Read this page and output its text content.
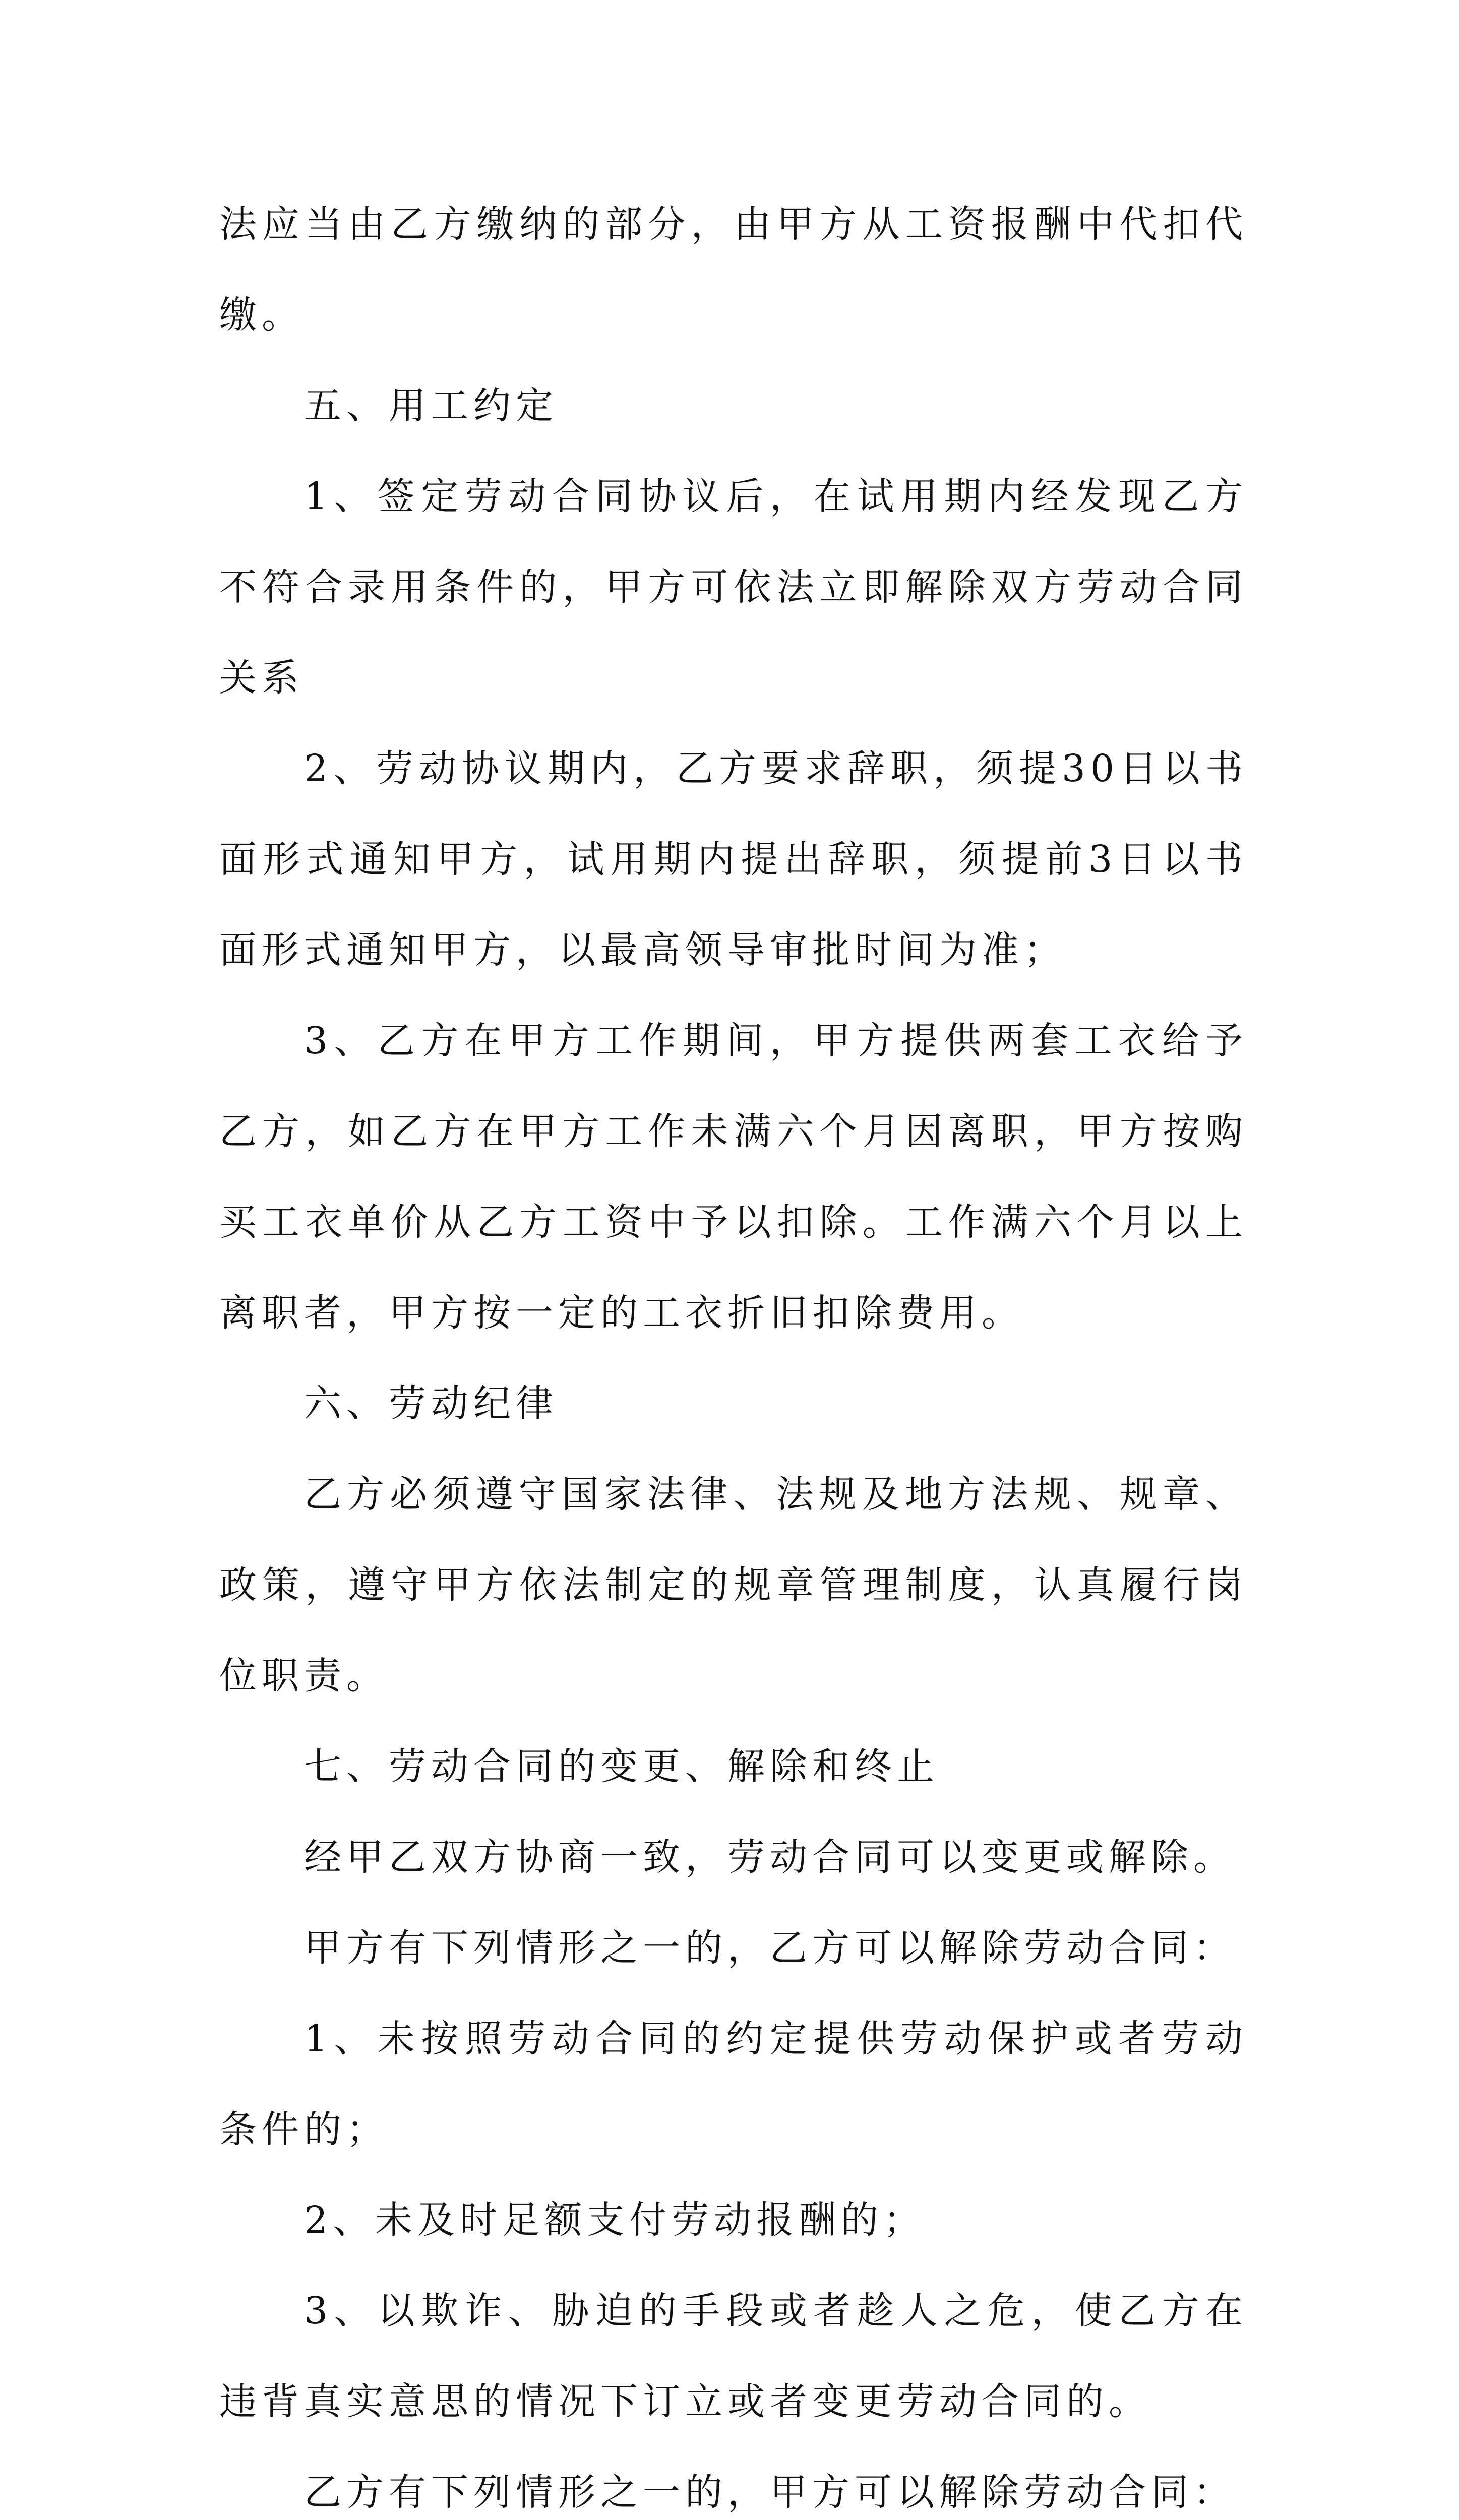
法应当由乙方缴纳的部分，由甲方从工资报酬中代扣代缴。

五、用工约定

1、签定劳动合同协议后，在试用期内经发现乙方不符合录用条件的，甲方可依法立即解除双方劳动合同关系

2、劳动协议期内，乙方要求辞职，须提30日以书面形式通知甲方，试用期内提出辞职，须提前3日以书面形式通知甲方，以最高领导审批时间为准；

3、乙方在甲方工作期间，甲方提供两套工衣给予乙方，如乙方在甲方工作未满六个月因离职，甲方按购买工衣单价从乙方工资中予以扣除。工作满六个月以上离职者，甲方按一定的工衣折旧扣除费用。

六、劳动纪律

乙方必须遵守国家法律、法规及地方法规、规章、政策，遵守甲方依法制定的规章管理制度，认真履行岗位职责。

七、劳动合同的变更、解除和终止

经甲乙双方协商一致，劳动合同可以变更或解除。

甲方有下列情形之一的，乙方可以解除劳动合同：

1、未按照劳动合同的约定提供劳动保护或者劳动条件的；

2、未及时足额支付劳动报酬的；

3、以欺诈、胁迫的手段或者趁人之危，使乙方在违背真实意思的情况下订立或者变更劳动合同的。

乙方有下列情形之一的，甲方可以解除劳动合同：
